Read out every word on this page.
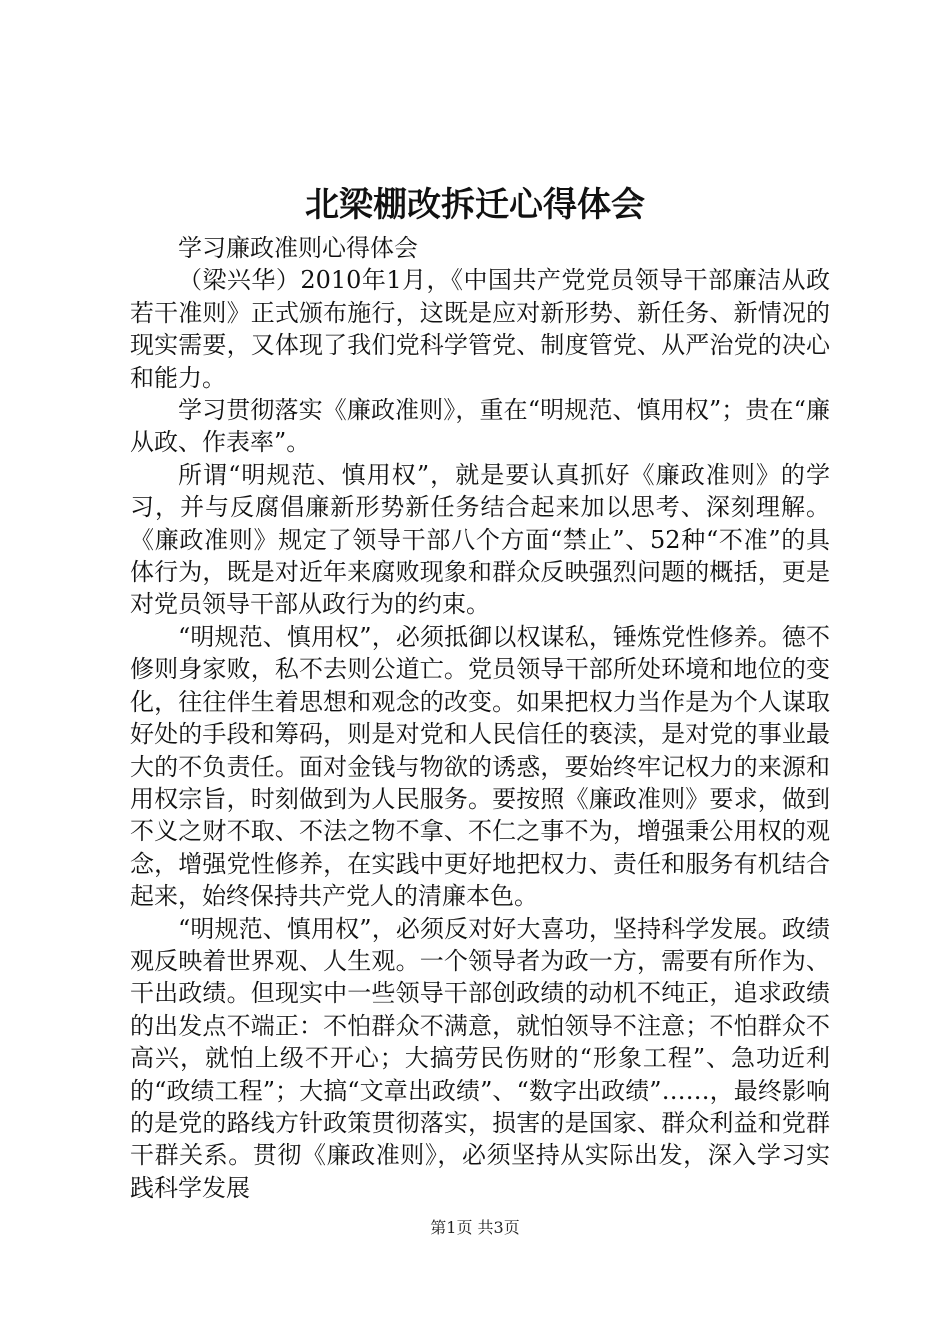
北梁棚改拆迁心得体会

学习廉政准则心得体会

（梁兴华）2010年1月，《中国共产党党员领导干部廉洁从政若干准则》正式颁布施行，这既是应对新形势、新任务、新情况的现实需要，又体现了我们党科学管党、制度管党、从严治党的决心和能力。

学习贯彻落实《廉政准则》，重在“明规范、慎用权”；贵在“廉从政、作表率”。

所谓“明规范、慎用权”，就是要认真抓好《廉政准则》的学习，并与反腐倡廉新形势新任务结合起来加以思考、深刻理解。《廉政准则》规定了领导干部八个方面“禁止”、52种“不准”的具体行为，既是对近年来腐败现象和群众反映强烈问题的概括，更是对党员领导干部从政行为的约束。

“明规范、慎用权”，必须抵御以权谋私，锤炼党性修养。德不修则身家败，私不去则公道亡。党员领导干部所处环境和地位的变化，往往伴生着思想和观念的改变。如果把权力当作是为个人谋取好处的手段和筹码，则是对党和人民信任的亵渎，是对党的事业最大的不负责任。面对金钱与物欲的诱惑，要始终牢记权力的来源和用权宗旨，时刻做到为人民服务。要按照《廉政准则》要求，做到不义之财不取、不法之物不拿、不仁之事不为，增强秉公用权的观念，增强党性修养，在实践中更好地把权力、责任和服务有机结合起来，始终保持共产党人的清廉本色。

“明规范、慎用权”，必须反对好大喜功，坚持科学发展。政绩观反映着世界观、人生观。一个领导者为政一方，需要有所作为、干出政绩。但现实中一些领导干部创政绩的动机不纯正，追求政绩的出发点不端正：不怕群众不满意，就怕领导不注意；不怕群众不高兴，就怕上级不开心；大搞劳民伤财的“形象工程”、急功近利的“政绩工程”；大搞“文章出政绩”、“数字出政绩”……，最终影响的是党的路线方针政策贯彻落实，损害的是国家、群众利益和党群干群关系。贯彻《廉政准则》，必须坚持从实际出发，深入学习实践科学发展

第1页 共3页
